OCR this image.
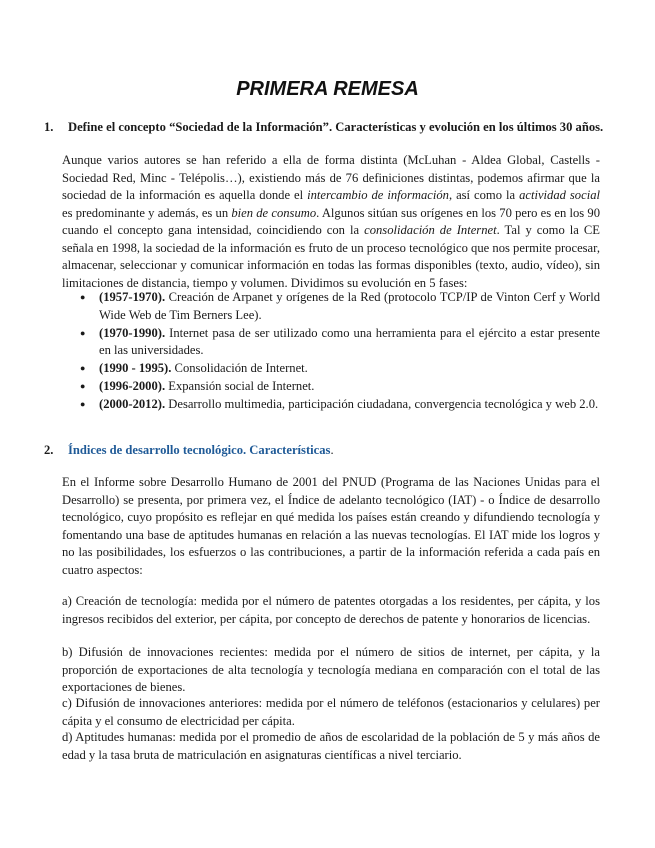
PRIMERA REMESA
1. Define el concepto “Sociedad de la Información”. Características y evolución en los últimos 30 años.

Aunque varios autores se han referido a ella de forma distinta (McLuhan - Aldea Global, Castells - Sociedad Red, Minc - Telépolis…), existiendo más de 76 definiciones distintas, podemos afirmar que la sociedad de la información es aquella donde el intercambio de información, así como la actividad social es predominante y además, es un bien de consumo. Algunos sitúan sus orígenes en los 70 pero es en los 90 cuando el concepto gana intensidad, coincidiendo con la consolidación de Internet. Tal y como la CE señala en 1998, la sociedad de la información es fruto de un proceso tecnológico que nos permite procesar, almacenar, seleccionar y comunicar información en todas las formas disponibles (texto, audio, vídeo), sin limitaciones de distancia, tiempo y volumen. Dividimos su evolución en 5 fases:

● (1957-1970). Creación de Arpanet y orígenes de la Red (protocolo TCP/IP de Vinton Cerf y World Wide Web de Tim Berners Lee).
● (1970-1990). Internet pasa de ser utilizado como una herramienta para el ejército a estar presente en las universidades.
● (1990 - 1995). Consolidación de Internet.
● (1996-2000). Expansión social de Internet.
● (2000-2012). Desarrollo multimedia, participación ciudadana, convergencia tecnológica y web 2.0.
2. Índices de desarrollo tecnológico. Características.

En el Informe sobre Desarrollo Humano de 2001 del PNUD (Programa de las Naciones Unidas para el Desarrollo) se presenta, por primera vez, el Índice de adelanto tecnológico (IAT) - o Índice de desarrollo tecnológico, cuyo propósito es reflejar en qué medida los países están creando y difundiendo tecnología y fomentando una base de aptitudes humanas en relación a las nuevas tecnologías. El IAT mide los logros y no las posibilidades, los esfuerzos o las contribuciones, a partir de la información referida a cada país en cuatro aspectos:

a) Creación de tecnología: medida por el número de patentes otorgadas a los residentes, per cápita, y los ingresos recibidos del exterior, per cápita, por concepto de derechos de patente y honorarios de licencias.

b) Difusión de innovaciones recientes: medida por el número de sitios de internet, per cápita, y la proporción de exportaciones de alta tecnología y tecnología mediana en comparación con el total de las exportaciones de bienes.

c) Difusión de innovaciones anteriores: medida por el número de teléfonos (estacionarios y celulares) per cápita y el consumo de electricidad per cápita.

d) Aptitudes humanas: medida por el promedio de años de escolaridad de la población de 5 y más años de edad y la tasa bruta de matriculación en asignaturas científicas a nivel terciario.
